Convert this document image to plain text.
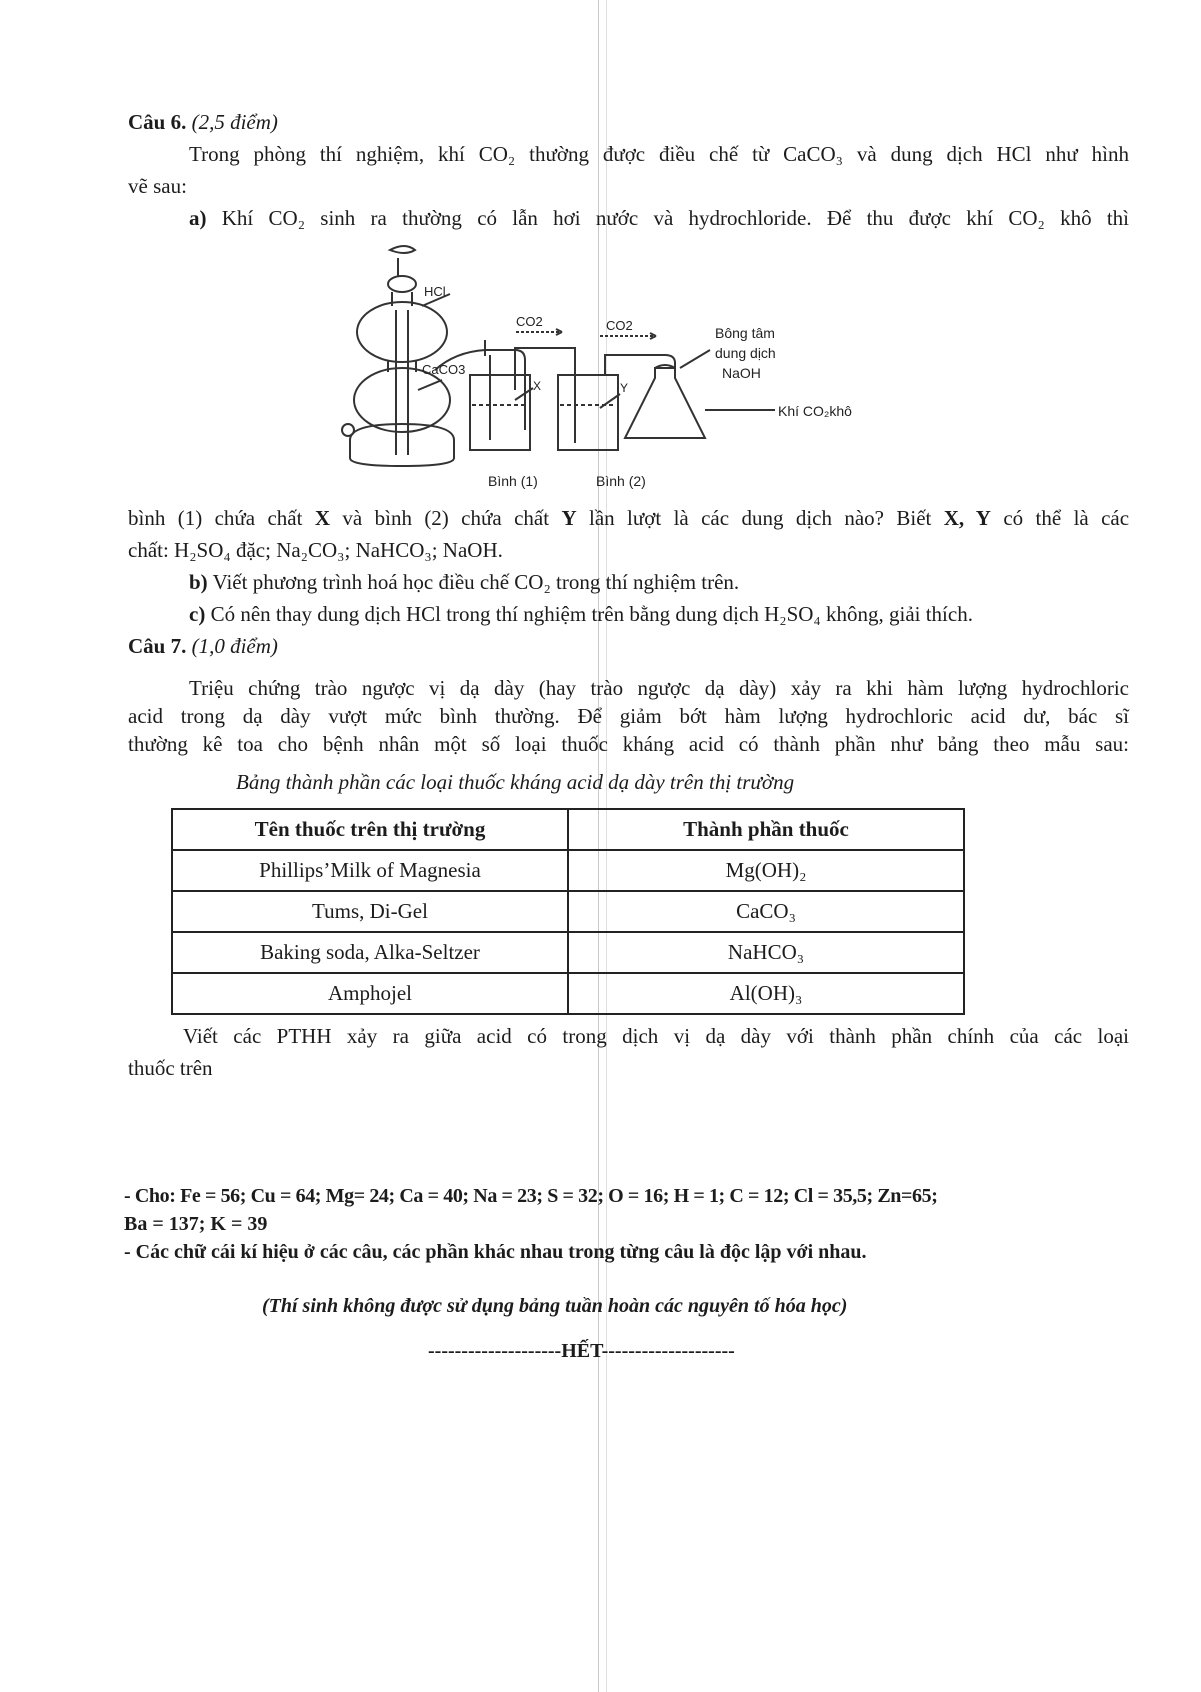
Câu 6. (2,5 điểm)
Trong phòng thí nghiệm, khí CO₂ thường được điều chế từ CaCO₃ và dung dịch HCl như hình
vẽ sau:
a) Khí CO₂ sinh ra thường có lẫn hơi nước và hydrochloride. Để thu được khí CO₂ khô thì
HCl
CaCO3
CO2	CO2
X	Y
Bông tâm
dung dịch
NaOH
Khí CO₂khô
Bình (1)	Bình (2)
bình (1) chứa chất X và bình (2) chứa chất Y lần lượt là các dung dịch nào? Biết X, Y có thể là các
chất: H₂SO₄ đặc; Na₂CO₃; NaHCO₃; NaOH.
b) Viết phương trình hoá học điều chế CO₂ trong thí nghiệm trên.
c) Có nên thay dung dịch HCl trong thí nghiệm trên bằng dung dịch H₂SO₄ không, giải thích.
Câu 7. (1,0 điểm)
Triệu chứng trào ngược vị dạ dày (hay trào ngược dạ dày) xảy ra khi hàm lượng hydrochloric
acid trong dạ dày vượt mức bình thường. Để giảm bớt hàm lượng hydrochloric acid dư, bác sĩ
thường kê toa cho bệnh nhân một số loại thuốc kháng acid có thành phần như bảng theo mẫu sau:
Bảng thành phần các loại thuốc kháng acid dạ dày trên thị trường
Tên thuốc trên thị trường	Thành phần thuốc
Phillips’Milk of Magnesia	Mg(OH)₂
Tums, Di-Gel	CaCO₃
Baking soda, Alka-Seltzer	NaHCO₃
Amphojel	Al(OH)₃
Viết các PTHH xảy ra giữa acid có trong dịch vị dạ dày với thành phần chính của các loại
thuốc trên
- Cho: Fe = 56; Cu = 64; Mg= 24; Ca = 40; Na = 23; S = 32; O = 16; H = 1; C = 12; Cl = 35,5; Zn=65;
Ba = 137; K = 39
- Các chữ cái kí hiệu ở các câu, các phần khác nhau trong từng câu là độc lập với nhau.
(Thí sinh không được sử dụng bảng tuần hoàn các nguyên tố hóa học)
--------------------HẾT--------------------
